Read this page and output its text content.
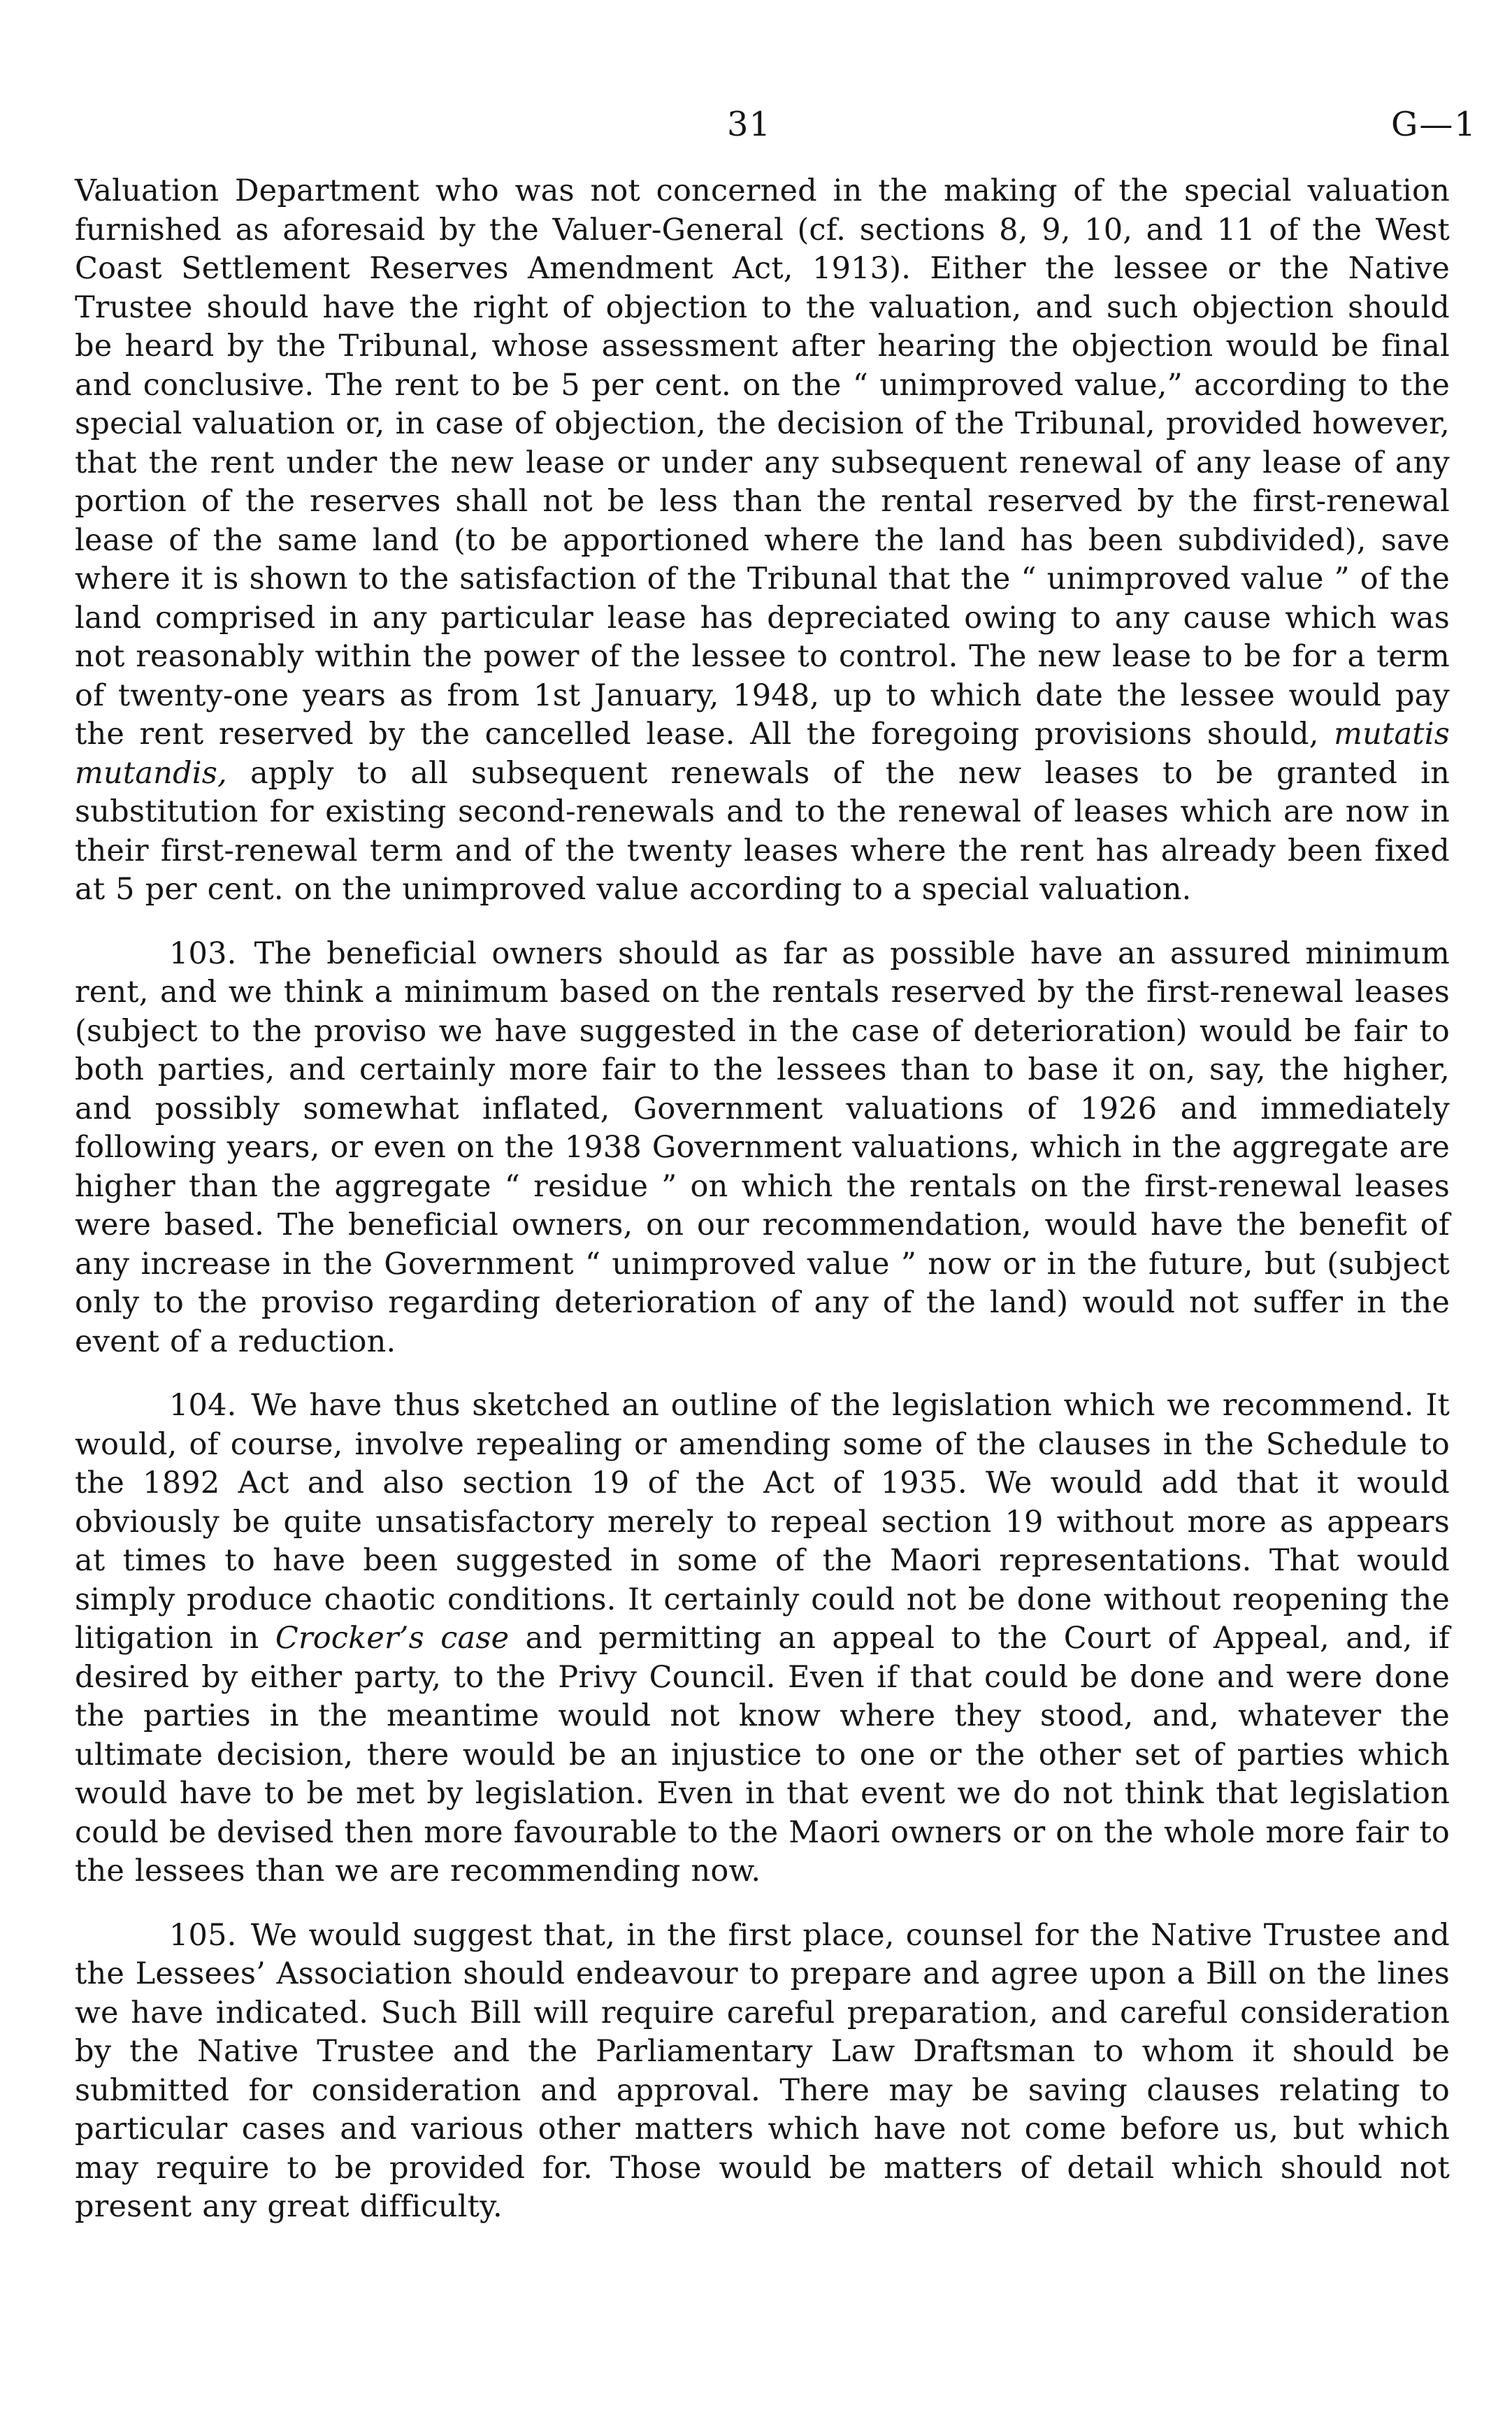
31	G—1

Valuation Department who was not concerned in the making of the special valuation furnished as aforesaid by the Valuer-General (cf. sections 8, 9, 10, and 11 of the West Coast Settlement Reserves Amendment Act, 1913). Either the lessee or the Native Trustee should have the right of objection to the valuation, and such objection should be heard by the Tribunal, whose assessment after hearing the objection would be final and conclusive. The rent to be 5 per cent. on the “ unimproved value,” according to the special valuation or, in case of objection, the decision of the Tribunal, provided however, that the rent under the new lease or under any subsequent renewal of any lease of any portion of the reserves shall not be less than the rental reserved by the first-renewal lease of the same land (to be apportioned where the land has been subdivided), save where it is shown to the satisfaction of the Tribunal that the “ unimproved value ” of the land comprised in any particular lease has depreciated owing to any cause which was not reasonably within the power of the lessee to control. The new lease to be for a term of twenty-one years as from 1st January, 1948, up to which date the lessee would pay the rent reserved by the cancelled lease. All the foregoing provisions should, mutatis mutandis, apply to all subsequent renewals of the new leases to be granted in substitution for existing second-renewals and to the renewal of leases which are now in their first-renewal term and of the twenty leases where the rent has already been fixed at 5 per cent. on the unimproved value according to a special valuation.

103. The beneficial owners should as far as possible have an assured minimum rent, and we think a minimum based on the rentals reserved by the first-renewal leases (subject to the proviso we have suggested in the case of deterioration) would be fair to both parties, and certainly more fair to the lessees than to base it on, say, the higher, and possibly somewhat inflated, Government valuations of 1926 and immediately following years, or even on the 1938 Government valuations, which in the aggregate are higher than the aggregate “ residue ” on which the rentals on the first-renewal leases were based. The beneficial owners, on our recommendation, would have the benefit of any increase in the Government “ unimproved value ” now or in the future, but (subject only to the proviso regarding deterioration of any of the land) would not suffer in the event of a reduction.

104. We have thus sketched an outline of the legislation which we recommend. It would, of course, involve repealing or amending some of the clauses in the Schedule to the 1892 Act and also section 19 of the Act of 1935. We would add that it would obviously be quite unsatisfactory merely to repeal section 19 without more as appears at times to have been suggested in some of the Maori representations. That would simply produce chaotic conditions. It certainly could not be done without reopening the litigation in Crocker’s case and permitting an appeal to the Court of Appeal, and, if desired by either party, to the Privy Council. Even if that could be done and were done the parties in the meantime would not know where they stood, and, whatever the ultimate decision, there would be an injustice to one or the other set of parties which would have to be met by legislation. Even in that event we do not think that legislation could be devised then more favourable to the Maori owners or on the whole more fair to the lessees than we are recommending now.

105. We would suggest that, in the first place, counsel for the Native Trustee and the Lessees’ Association should endeavour to prepare and agree upon a Bill on the lines we have indicated. Such Bill will require careful preparation, and careful consideration by the Native Trustee and the Parliamentary Law Draftsman to whom it should be submitted for consideration and approval. There may be saving clauses relating to particular cases and various other matters which have not come before us, but which may require to be provided for. Those would be matters of detail which should not present any great difficulty.
